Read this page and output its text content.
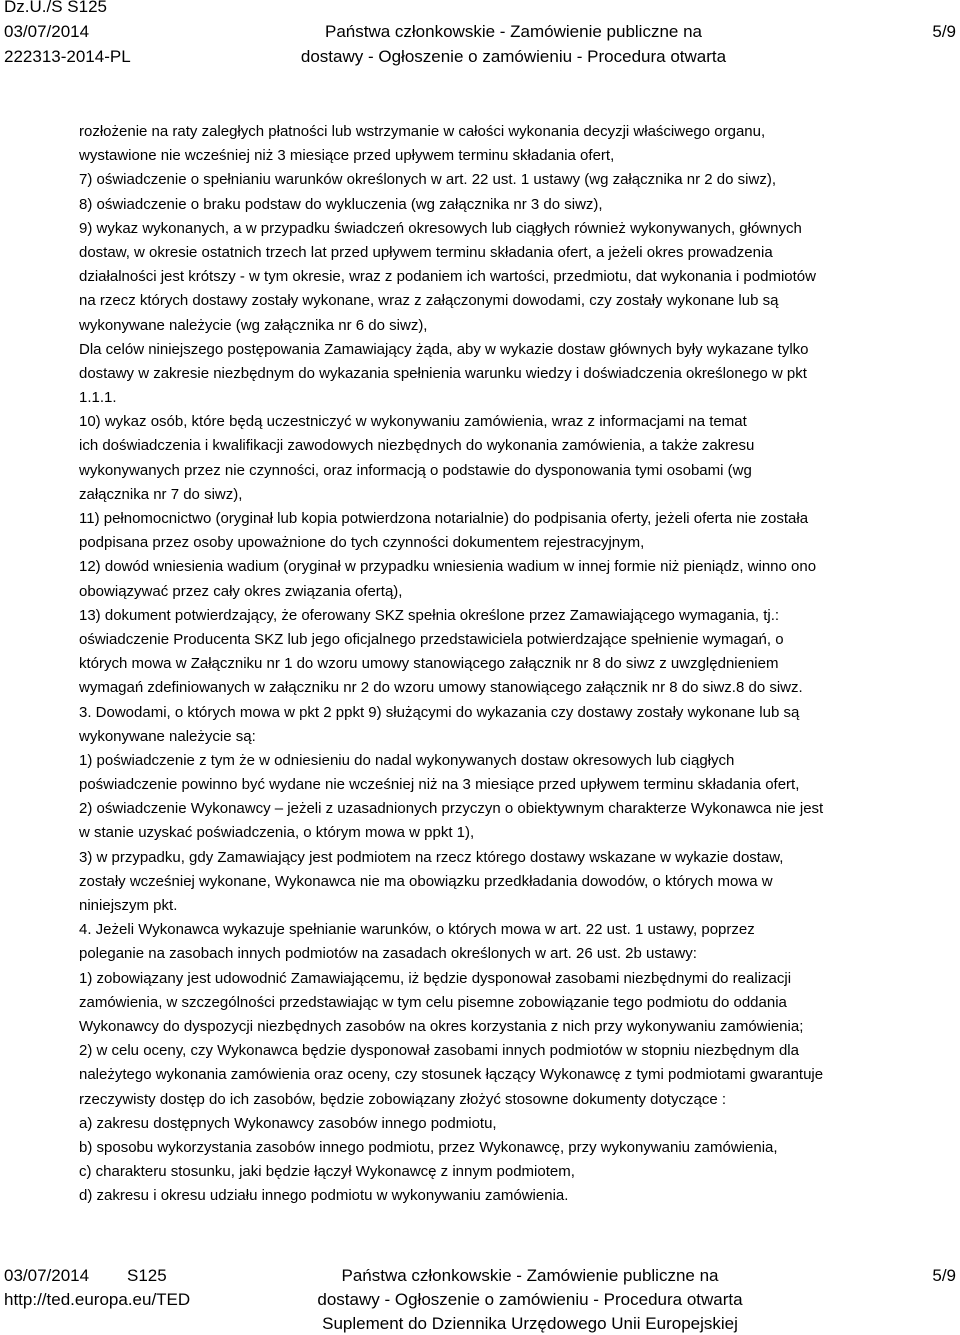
Dz.U./S S125
03/07/2014
222313-2014-PL
Państwa członkowskie - Zamówienie publiczne na
dostawy - Ogłoszenie o zamówieniu - Procedura otwarta
5/9
rozłożenie na raty zaległych płatności lub wstrzymanie w całości wykonania decyzji właściwego organu,
wystawione nie wcześniej niż 3 miesiące przed upływem terminu składania ofert,
7) oświadczenie o spełnianiu warunków określonych w art. 22 ust. 1 ustawy (wg załącznika nr 2 do siwz),
8) oświadczenie o braku podstaw do wykluczenia (wg załącznika nr 3 do siwz),
9) wykaz wykonanych, a w przypadku świadczeń okresowych lub ciągłych również wykonywanych, głównych
dostaw, w okresie ostatnich trzech lat przed upływem terminu składania ofert, a jeżeli okres prowadzenia
działalności jest krótszy - w tym okresie, wraz z podaniem ich wartości, przedmiotu, dat wykonania i podmiotów
na rzecz których dostawy zostały wykonane, wraz z załączonymi dowodami, czy zostały wykonane lub są
wykonywane należycie (wg załącznika nr 6 do siwz),
Dla celów niniejszego postępowania Zamawiający żąda, aby w wykazie dostaw głównych były wykazane tylko
dostawy w zakresie niezbędnym do wykazania spełnienia warunku wiedzy i doświadczenia określonego w pkt
1.1.1.
10) wykaz osób, które będą uczestniczyć w wykonywaniu zamówienia, wraz z informacjami na temat
ich doświadczenia i kwalifikacji zawodowych niezbędnych do wykonania zamówienia, a także zakresu
wykonywanych przez nie czynności, oraz informacją o podstawie do dysponowania tymi osobami (wg
załącznika nr 7 do siwz),
11) pełnomocnictwo (oryginał lub kopia potwierdzona notarialnie) do podpisania oferty, jeżeli oferta nie została
podpisana przez osoby upoważnione do tych czynności dokumentem rejestracyjnym,
12) dowód wniesienia wadium (oryginał w przypadku wniesienia wadium w innej formie niż pieniądz, winno ono
obowiązywać przez cały okres związania ofertą),
13) dokument potwierdzający, że oferowany SKZ spełnia określone przez Zamawiającego wymagania, tj.:
oświadczenie Producenta SKZ lub jego oficjalnego przedstawiciela potwierdzające spełnienie wymagań, o
których mowa w Załączniku nr 1 do wzoru umowy stanowiącego załącznik nr 8 do siwz z uwzględnieniem
wymagań zdefiniowanych w załączniku nr 2 do wzoru umowy stanowiącego załącznik nr 8 do siwz.8 do siwz.
3. Dowodami, o których mowa w pkt 2 ppkt 9) służącymi do wykazania czy dostawy zostały wykonane lub są
wykonywane należycie są:
1) poświadczenie z tym że w odniesieniu do nadal wykonywanych dostaw okresowych lub ciągłych
poświadczenie powinno być wydane nie wcześniej niż na 3 miesiące przed upływem terminu składania ofert,
2) oświadczenie Wykonawcy – jeżeli z uzasadnionych przyczyn o obiektywnym charakterze Wykonawca nie jest
w stanie uzyskać poświadczenia, o którym mowa w ppkt 1),
3) w przypadku, gdy Zamawiający jest podmiotem na rzecz którego dostawy wskazane w wykazie dostaw,
zostały wcześniej wykonane, Wykonawca nie ma obowiązku przedkładania dowodów, o których mowa w
niniejszym pkt.
4. Jeżeli Wykonawca wykazuje spełnianie warunków, o których mowa w art. 22 ust. 1 ustawy, poprzez
poleganie na zasobach innych podmiotów na zasadach określonych w art. 26 ust. 2b ustawy:
1) zobowiązany jest udowodnić Zamawiającemu, iż będzie dysponował zasobami niezbędnymi do realizacji
zamówienia, w szczególności przedstawiając w tym celu pisemne zobowiązanie tego podmiotu do oddania
Wykonawcy do dyspozycji niezbędnych zasobów na okres korzystania z nich przy wykonywaniu zamówienia;
2) w celu oceny, czy Wykonawca będzie dysponował zasobami innych podmiotów w stopniu niezbędnym dla
należytego wykonania zamówienia oraz oceny, czy stosunek łączący Wykonawcę z tymi podmiotami gwarantuje
rzeczywisty dostęp do ich zasobów, będzie zobowiązany złożyć stosowne dokumenty dotyczące :
a) zakresu dostępnych Wykonawcy zasobów innego podmiotu,
b) sposobu wykorzystania zasobów innego podmiotu, przez Wykonawcę, przy wykonywaniu zamówienia,
c) charakteru stosunku, jaki będzie łączył Wykonawcę z innym podmiotem,
d) zakresu i okresu udziału innego podmiotu w wykonywaniu zamówienia.
03/07/2014 S125
http://ted.europa.eu/TED
Państwa członkowskie - Zamówienie publiczne na
dostawy - Ogłoszenie o zamówieniu - Procedura otwarta
Suplement do Dziennika Urzędowego Unii Europejskiej
5/9
